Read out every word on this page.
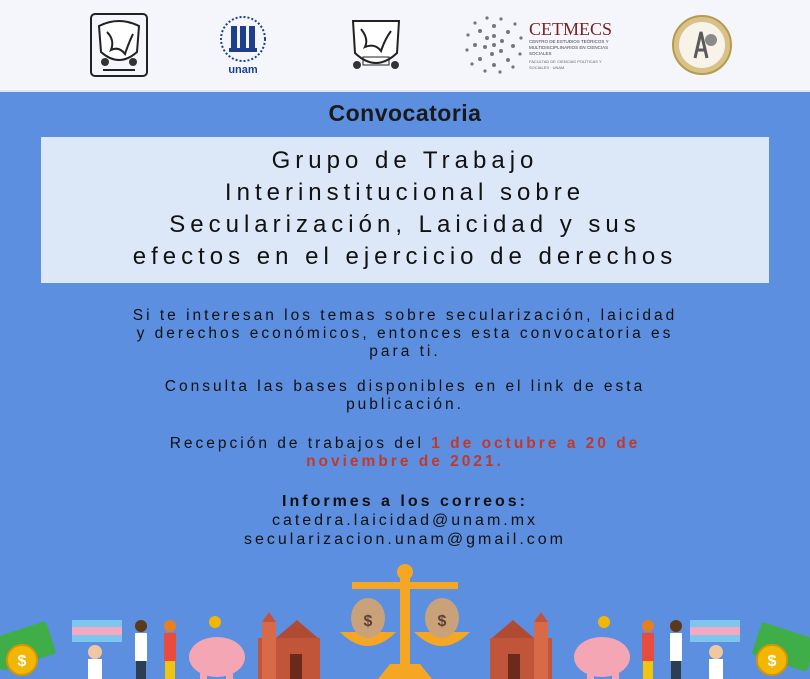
unam
CETMECS
CENTRO DE ESTUDIOS TEÓRICOS Y MULTIDISCIPLINARIOS EN CIENCIAS SOCIALES
FACULTAD DE CIENCIAS POLÍTICAS Y SOCIALES · UNAM
Convocatoria
Grupo de Trabajo
Interinstitucional sobre
Secularización, Laicidad y sus
efectos en el ejercicio de derechos
Si te interesan los temas sobre secularización, laicidad
y derechos económicos, entonces esta convocatoria es
para ti.
Consulta las bases disponibles en el link de esta
publicación.
Recepción de trabajos del 1 de octubre a 20 de
noviembre de 2021.
Informes a los correos:
catedra.laicidad@unam.mx
secularizacion.unam@gmail.com
$
$	$
$
